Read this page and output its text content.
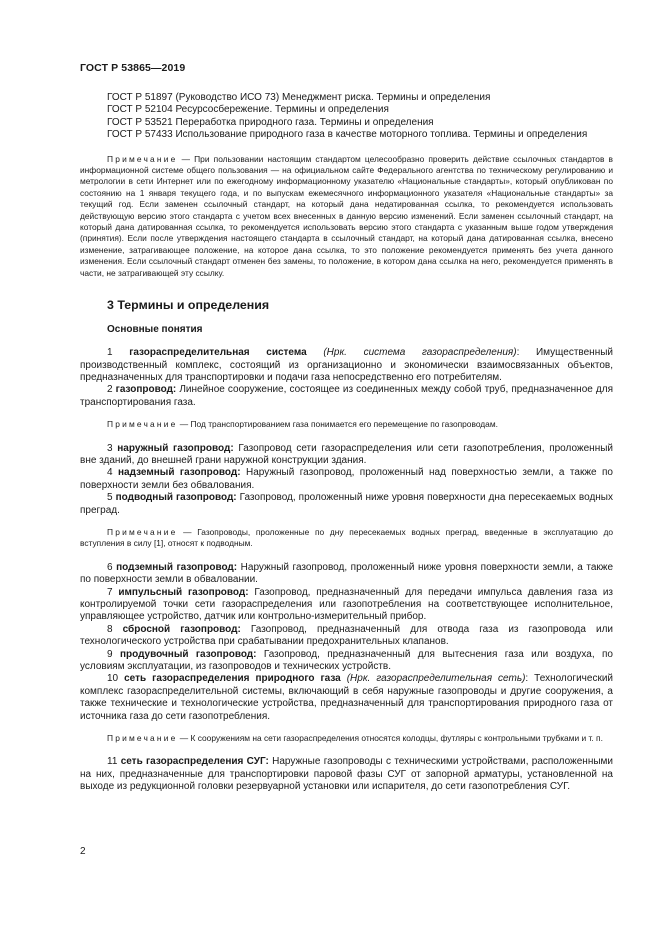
ГОСТ Р 53865—2019

ГОСТ Р 51897 (Руководство ИСО 73) Менеджмент риска. Термины и определения

ГОСТ Р 52104 Ресурсосбережение. Термины и определения

ГОСТ Р 53521 Переработка природного газа. Термины и определения

ГОСТ Р 57433 Использование природного газа в качестве моторного топлива. Термины и определения

Примечание — При пользовании настоящим стандартом целесообразно проверить действие ссылочных стандартов в информационной системе общего пользования — на официальном сайте Федерального агентства по техническому регулированию и метрологии в сети Интернет или по ежегодному информационному указателю «Национальные стандарты», который опубликован по состоянию на 1 января текущего года, и по выпускам ежемесячного информационного указателя «Национальные стандарты» за текущий год. Если заменен ссылочный стандарт, на который дана недатированная ссылка, то рекомендуется использовать действующую версию этого стандарта с учетом всех внесенных в данную версию изменений. Если заменен ссылочный стандарт, на который дана датированная ссылка, то рекомендуется использовать версию этого стандарта с указанным выше годом утверждения (принятия). Если после утверждения настоящего стандарта в ссылочный стандарт, на который дана датированная ссылка, внесено изменение, затрагивающее положение, на которое дана ссылка, то это положение рекомендуется применять без учета данного изменения. Если ссылочный стандарт отменен без замены, то положение, в котором дана ссылка на него, рекомендуется применять в части, не затрагивающей эту ссылку.

3 Термины и определения
Основные понятия

1 газораспределительная система (Нрк. система газораспределения): Имущественный производственный комплекс, состоящий из организационно и экономически взаимосвязанных объектов, предназначенных для транспортировки и подачи газа непосредственно его потребителям.

2 газопровод: Линейное сооружение, состоящее из соединенных между собой труб, предназначенное для транспортирования газа.

Примечание — Под транспортированием газа понимается его перемещение по газопроводам.

3 наружный газопровод: Газопровод сети газораспределения или сети газопотребления, проложенный вне зданий, до внешней грани наружной конструкции здания.

4 надземный газопровод: Наружный газопровод, проложенный над поверхностью земли, а также по поверхности земли без обвалования.

5 подводный газопровод: Газопровод, проложенный ниже уровня поверхности дна пересекаемых водных преград.

Примечание — Газопроводы, проложенные по дну пересекаемых водных преград, введенные в эксплуатацию до вступления в силу [1], относят к подводным.

6 подземный газопровод: Наружный газопровод, проложенный ниже уровня поверхности земли, а также по поверхности земли в обваловании.

7 импульсный газопровод: Газопровод, предназначенный для передачи импульса давления газа из контролируемой точки сети газораспределения или газопотребления на соответствующее исполнительное, управляющее устройство, датчик или контрольно-измерительный прибор.

8 сбросной газопровод: Газопровод, предназначенный для отвода газа из газопровода или технологического устройства при срабатывании предохранительных клапанов.

9 продувочный газопровод: Газопровод, предназначенный для вытеснения газа или воздуха, по условиям эксплуатации, из газопроводов и технических устройств.

10 сеть газораспределения природного газа (Нрк. газораспределительная сеть): Технологический комплекс газораспределительной системы, включающий в себя наружные газопроводы и другие сооружения, а также технические и технологические устройства, предназначенный для транспортирования природного газа от источника газа до сети газопотребления.

Примечание — К сооружениям на сети газораспределения относятся колодцы, футляры с контрольными трубками и т. п.

11 сеть газораспределения СУГ: Наружные газопроводы с техническими устройствами, расположенными на них, предназначенные для транспортировки паровой фазы СУГ от запорной арматуры, установленной на выходе из редукционной головки резервуарной установки или испарителя, до сети газопотребления СУГ.

2
